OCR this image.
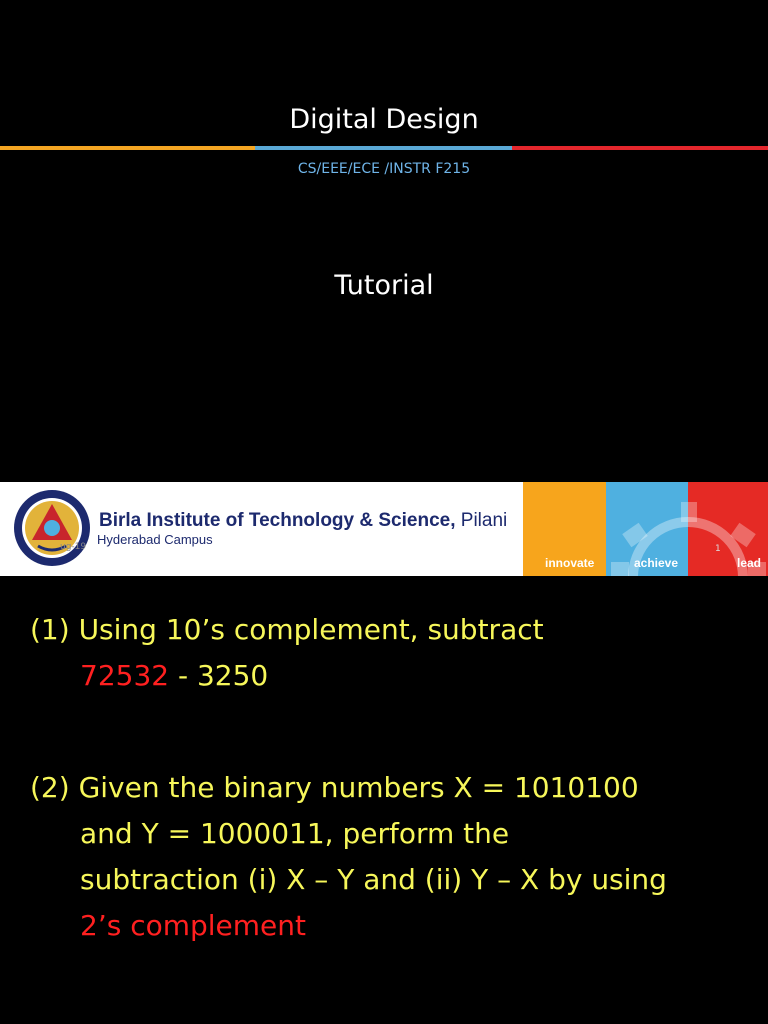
Digital Design
CS/EEE/ECE /INSTR F215
Tutorial
Birla Institute of Technology & Science, Pilani
Hyderabad Campus
ug-19
innovate	achieve	lead
1
(1) Using 10’s complement, subtract
72532 - 3250
(2) Given the binary numbers X = 1010100
and Y = 1000011, perform the
subtraction (i) X – Y and (ii) Y – X by using
2’s complement
